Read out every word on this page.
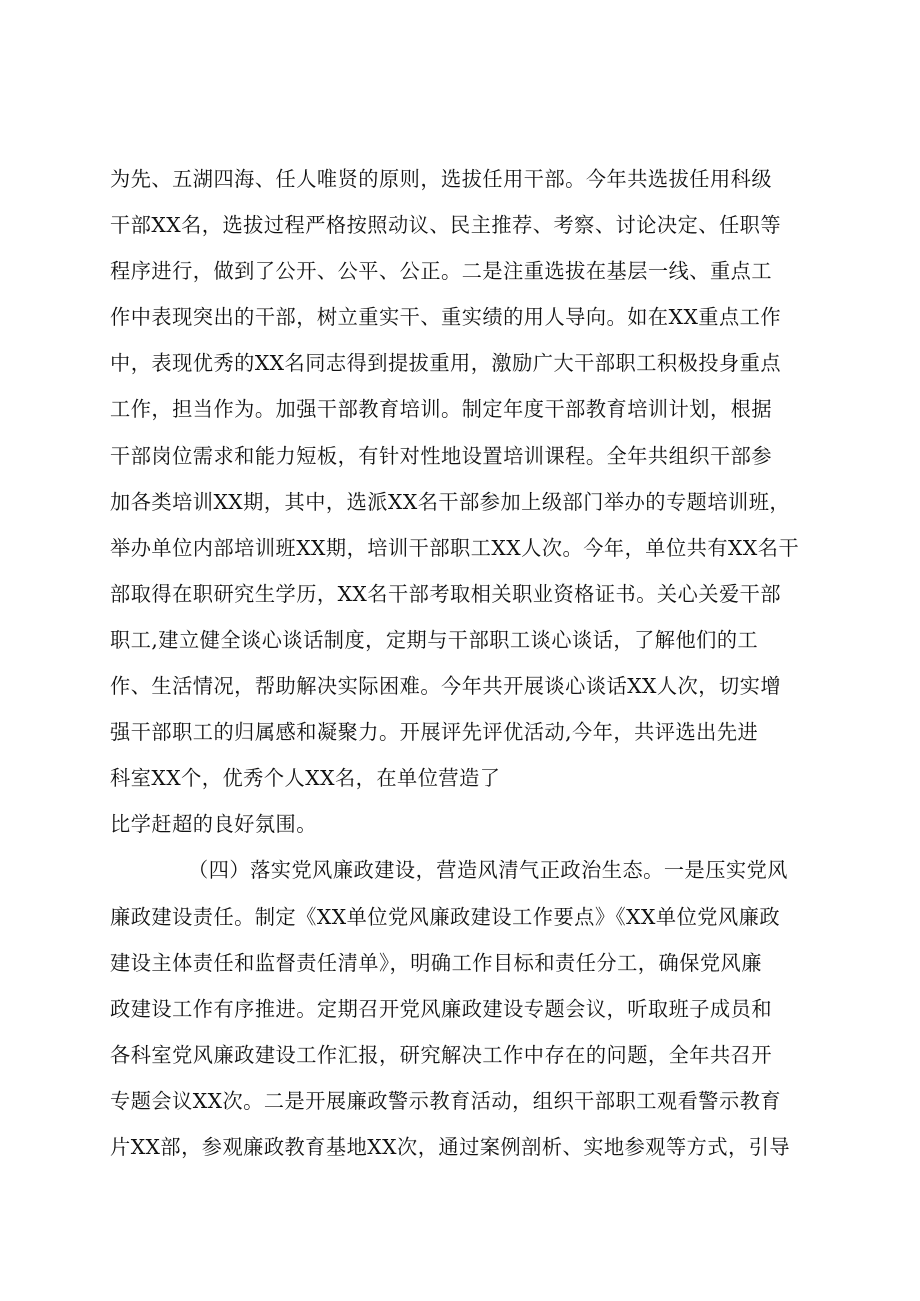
为先、五湖四海、任人唯贤的原则，选拔任用干部。今年共选拔任用科级
干部XX名，选拔过程严格按照动议、民主推荐、考察、讨论决定、任职等
程序进行，做到了公开、公平、公正。二是注重选拔在基层一线、重点工
作中表现突出的干部，树立重实干、重实绩的用人导向。如在XX重点工作
中，表现优秀的XX名同志得到提拔重用，激励广大干部职工积极投身重点
工作，担当作为。加强干部教育培训。制定年度干部教育培训计划，根据
干部岗位需求和能力短板，有针对性地设置培训课程。全年共组织干部参
加各类培训XX期，其中，选派XX名干部参加上级部门举办的专题培训班，
举办单位内部培训班XX期，培训干部职工XX人次。今年，单位共有XX名干
部取得在职研究生学历，XX名干部考取相关职业资格证书。关心关爱干部
职工,建立健全谈心谈话制度，定期与干部职工谈心谈话，了解他们的工
作、生活情况，帮助解决实际困难。今年共开展谈心谈话XX人次，切实增
强干部职工的归属感和凝聚力。开展评先评优活动,今年，共评选出先进
科室XX个，优秀个人XX名，在单位营造了
比学赶超的良好氛围。
（四）落实党风廉政建设，营造风清气正政治生态。一是压实党风
廉政建设责任。制定《XX单位党风廉政建设工作要点》《XX单位党风廉政
建设主体责任和监督责任清单》，明确工作目标和责任分工，确保党风廉
政建设工作有序推进。定期召开党风廉政建设专题会议，听取班子成员和
各科室党风廉政建设工作汇报，研究解决工作中存在的问题，全年共召开
专题会议XX次。二是开展廉政警示教育活动，组织干部职工观看警示教育
片XX部，参观廉政教育基地XX次，通过案例剖析、实地参观等方式，引导
